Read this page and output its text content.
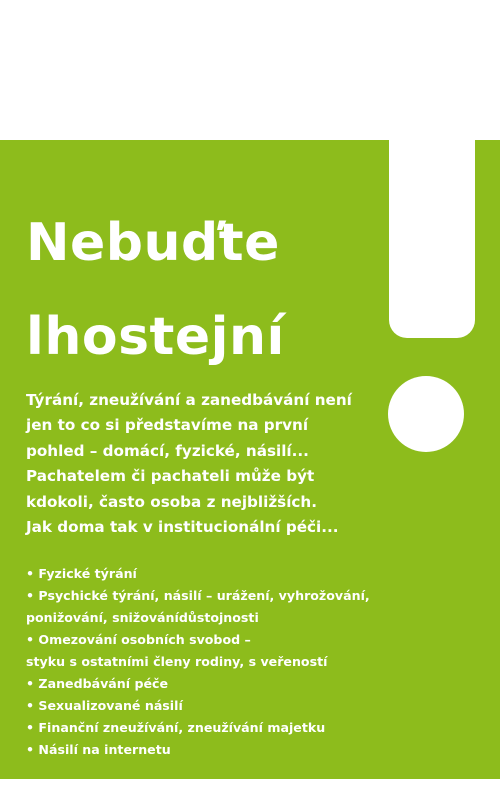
Nebuďte
lhostejní

Týrání, zneužívání a zanedbávání není
jen to co si představíme na první
pohled – domácí, fyzické, násilí...
Pachatelem či pachateli může být
kdokoli, často osoba z nejbližších.
Jak doma tak v institucionální péči...

• Fyzické týrání
• Psychické týrání, násilí – urážení, vyhrožování,
ponižování, snižovánídůstojnosti
• Omezování osobních svobod –
styku s ostatními členy rodiny, s veřeností
• Zanedbávání péče
• Sexualizované násilí
• Finanční zneužívání, zneužívání majetku
• Násilí na internetu
